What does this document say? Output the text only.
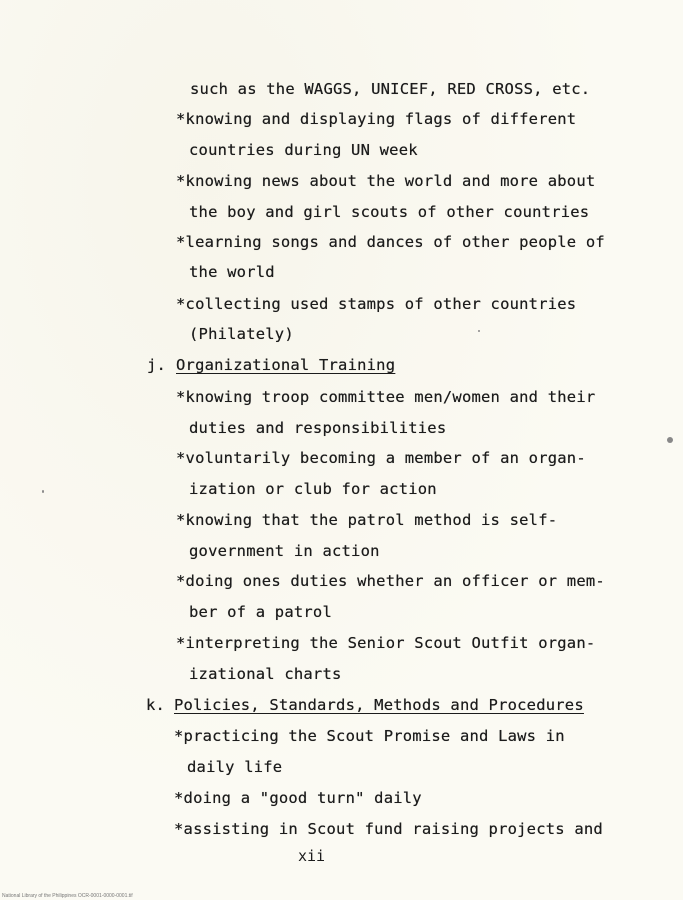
such as the WAGGS, UNICEF, RED CROSS, etc.
*knowing and displaying flags of different
countries during UN week
*knowing news about the world and more about
the boy and girl scouts of other countries
*learning songs and dances of other people of
the world
*collecting used stamps of other countries
(Philately)
j. Organizational Training
*knowing troop committee men/women and their
duties and responsibilities
*voluntarily becoming a member of an organ-
ization or club for action
*knowing that the patrol method is self-
government in action
*doing ones duties whether an officer or mem-
ber of a patrol
*interpreting the Senior Scout Outfit organ-
izational charts
k. Policies, Standards, Methods and Procedures
*practicing the Scout Promise and Laws in
daily life
*doing a "good turn" daily
*assisting in Scout fund raising projects and
xii
National Library of the Philippines OCR-0001-0000-0001.tif
